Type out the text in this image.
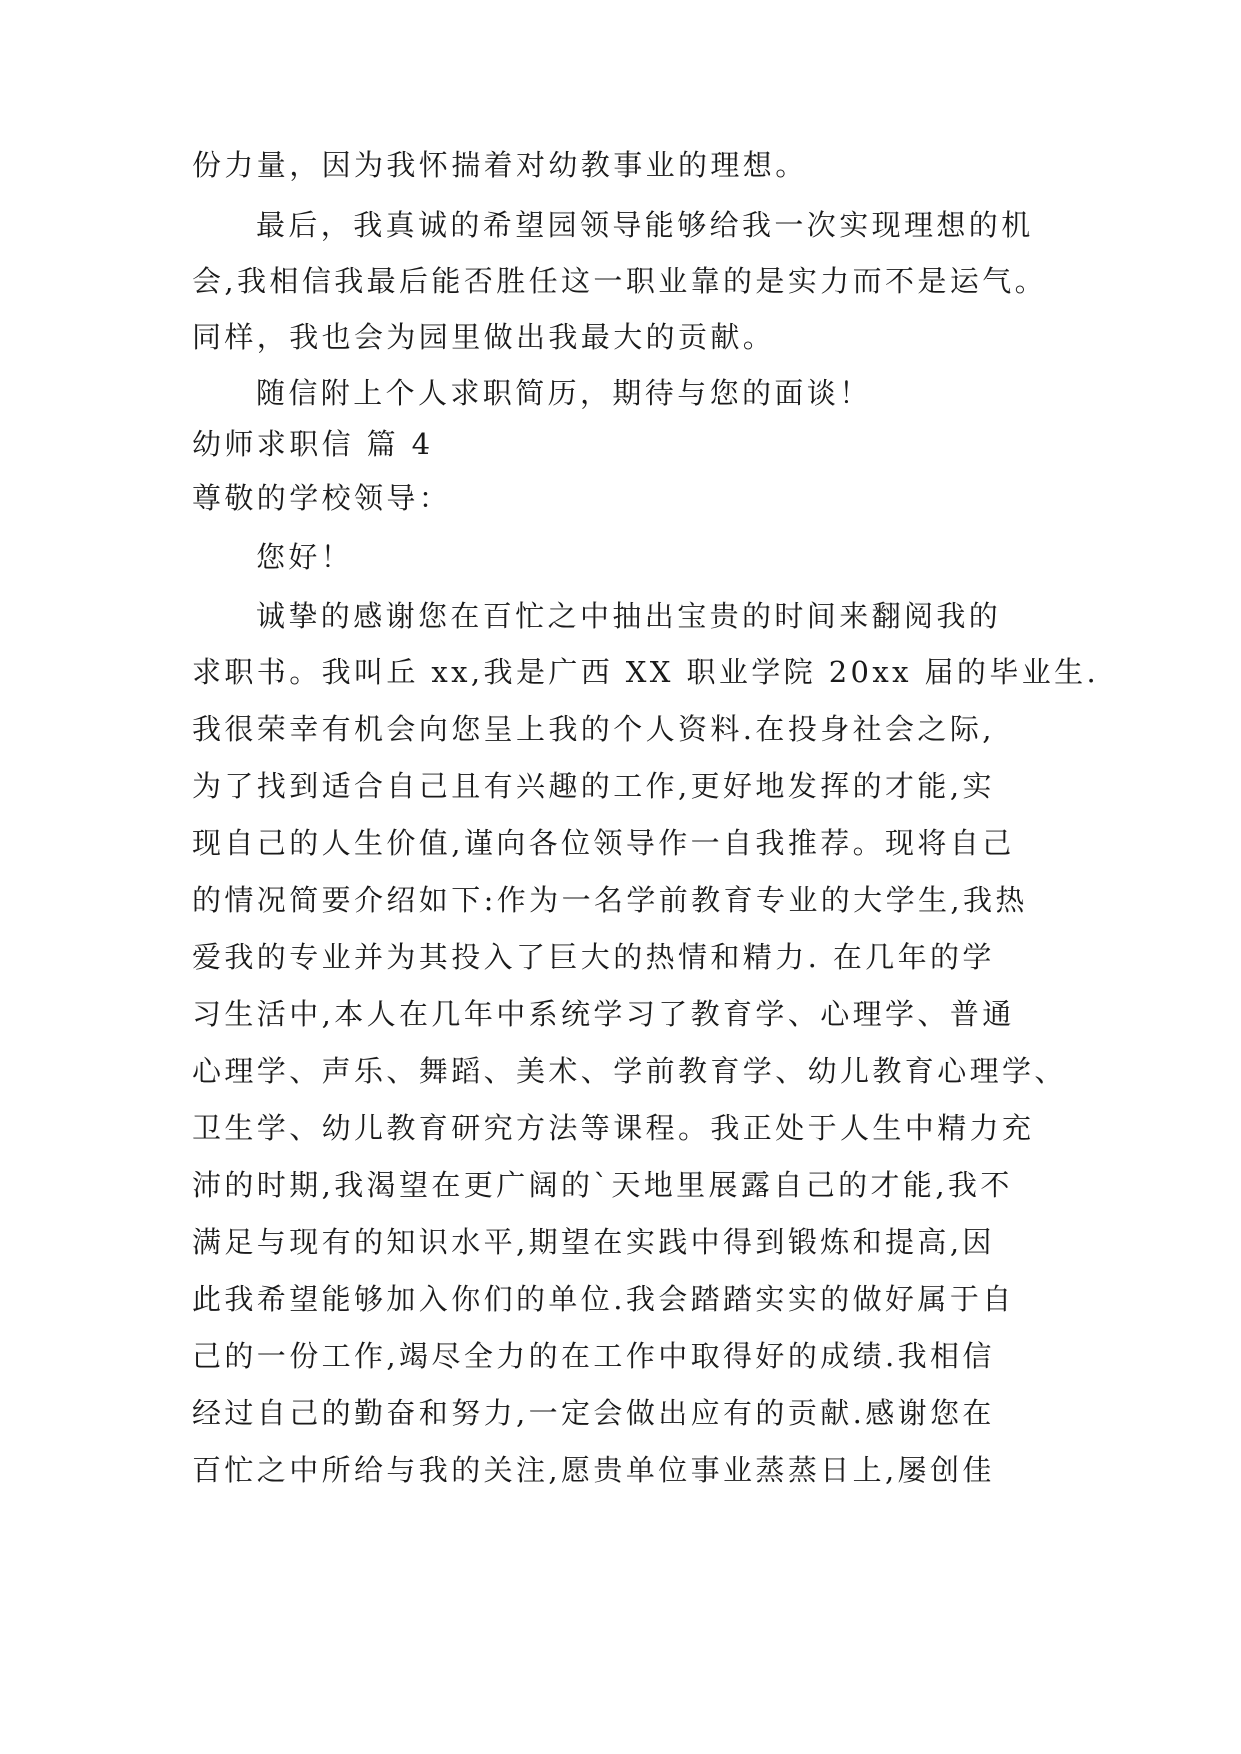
份力量，因为我怀揣着对幼教事业的理想。
最后，我真诚的希望园领导能够给我一次实现理想的机
会,我相信我最后能否胜任这一职业靠的是实力而不是运气。
同样，我也会为园里做出我最大的贡献。
随信附上个人求职简历，期待与您的面谈！
幼师求职信 篇 4
尊敬的学校领导：
您好！
诚挚的感谢您在百忙之中抽出宝贵的时间来翻阅我的
求职书。我叫丘 xx,我是广西 XX 职业学院 20xx 届的毕业生.
我很荣幸有机会向您呈上我的个人资料.在投身社会之际,
为了找到适合自己且有兴趣的工作,更好地发挥的才能,实
现自己的人生价值,谨向各位领导作一自我推荐。现将自己
的情况简要介绍如下:作为一名学前教育专业的大学生,我热
爱我的专业并为其投入了巨大的热情和精力. 在几年的学
习生活中,本人在几年中系统学习了教育学、心理学、普通
心理学、声乐、舞蹈、美术、学前教育学、幼儿教育心理学、
卫生学、幼儿教育研究方法等课程。我正处于人生中精力充
沛的时期,我渴望在更广阔的`天地里展露自己的才能,我不
满足与现有的知识水平,期望在实践中得到锻炼和提高,因
此我希望能够加入你们的单位.我会踏踏实实的做好属于自
己的一份工作,竭尽全力的在工作中取得好的成绩.我相信
经过自己的勤奋和努力,一定会做出应有的贡献.感谢您在
百忙之中所给与我的关注,愿贵单位事业蒸蒸日上,屡创佳
